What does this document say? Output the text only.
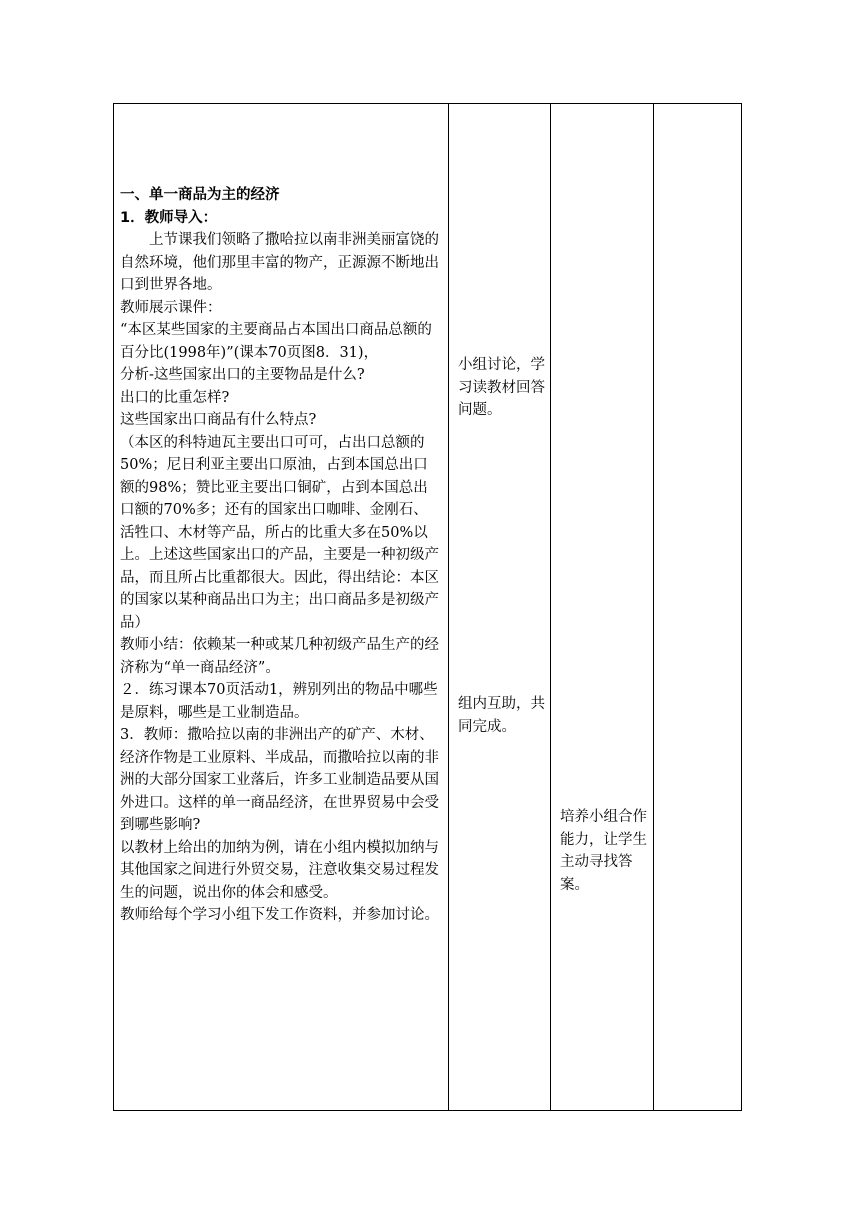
一、单一商品为主的经济

1．教师导入：

上节课我们领略了撒哈拉以南非洲美丽富饶的自然环境，他们那里丰富的物产，正源源不断地出口到世界各地。

教师展示课件：

“本区某些国家的主要商品占本国出口商品总额的百分比(1998年)”(课本70页图8．31)，

分析-这些国家出口的主要物品是什么?

出口的比重怎样?

这些国家出口商品有什么特点?

（本区的科特迪瓦主要出口可可，占出口总额的50%；尼日利亚主要出口原油，占到本国总出口额的98%；赞比亚主要出口铜矿，占到本国总出口额的70%多；还有的国家出口咖啡、金刚石、活牲口、木材等产品，所占的比重大多在50%以上。上述这些国家出口的产品，主要是一种初级产品，而且所占比重都很大。因此，得出结论：本区的国家以某种商品出口为主；出口商品多是初级产品）

教师小结：依赖某一种或某几种初级产品生产的经济称为“单一商品经济”。

２．练习课本70页活动1，辨别列出的物品中哪些是原料，哪些是工业制造品。

3．教师：撒哈拉以南的非洲出产的矿产、木材、经济作物是工业原料、半成品，而撒哈拉以南的非洲的大部分国家工业落后，许多工业制造品要从国外进口。这样的单一商品经济，在世界贸易中会受到哪些影响?

以教材上给出的加纳为例，请在小组内模拟加纳与其他国家之间进行外贸交易，注意收集交易过程发生的问题，说出你的体会和感受。

教师给每个学习小组下发工作资料，并参加讨论。

小组讨论，学习读教材回答问题。
组内互助，共同完成。
培养小组合作能力，让学生主动寻找答案。
